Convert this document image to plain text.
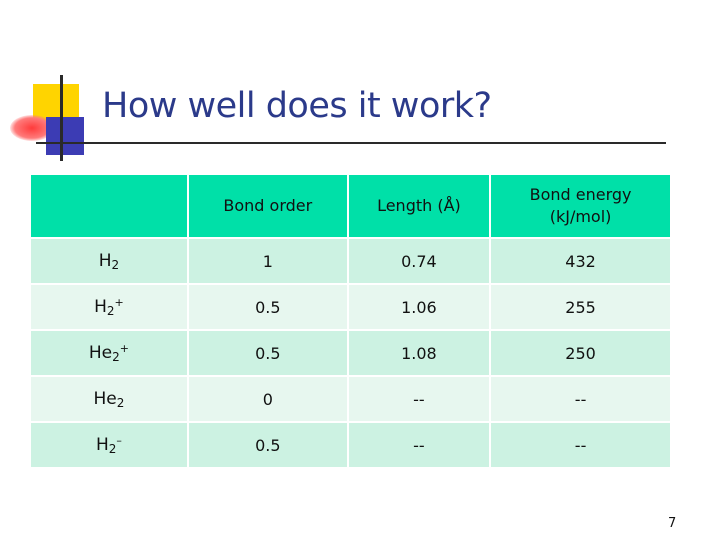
How well does it work?
	Bond order	Length (Å)	Bond energy
(kJ/mol)
$H_2$	1	0.74	432
$H_2^+$	0.5	1.06	255
$He_2^+$	0.5	1.08	250
$He_2$	0	--	--
$H_2^-$	0.5	--	--
7
